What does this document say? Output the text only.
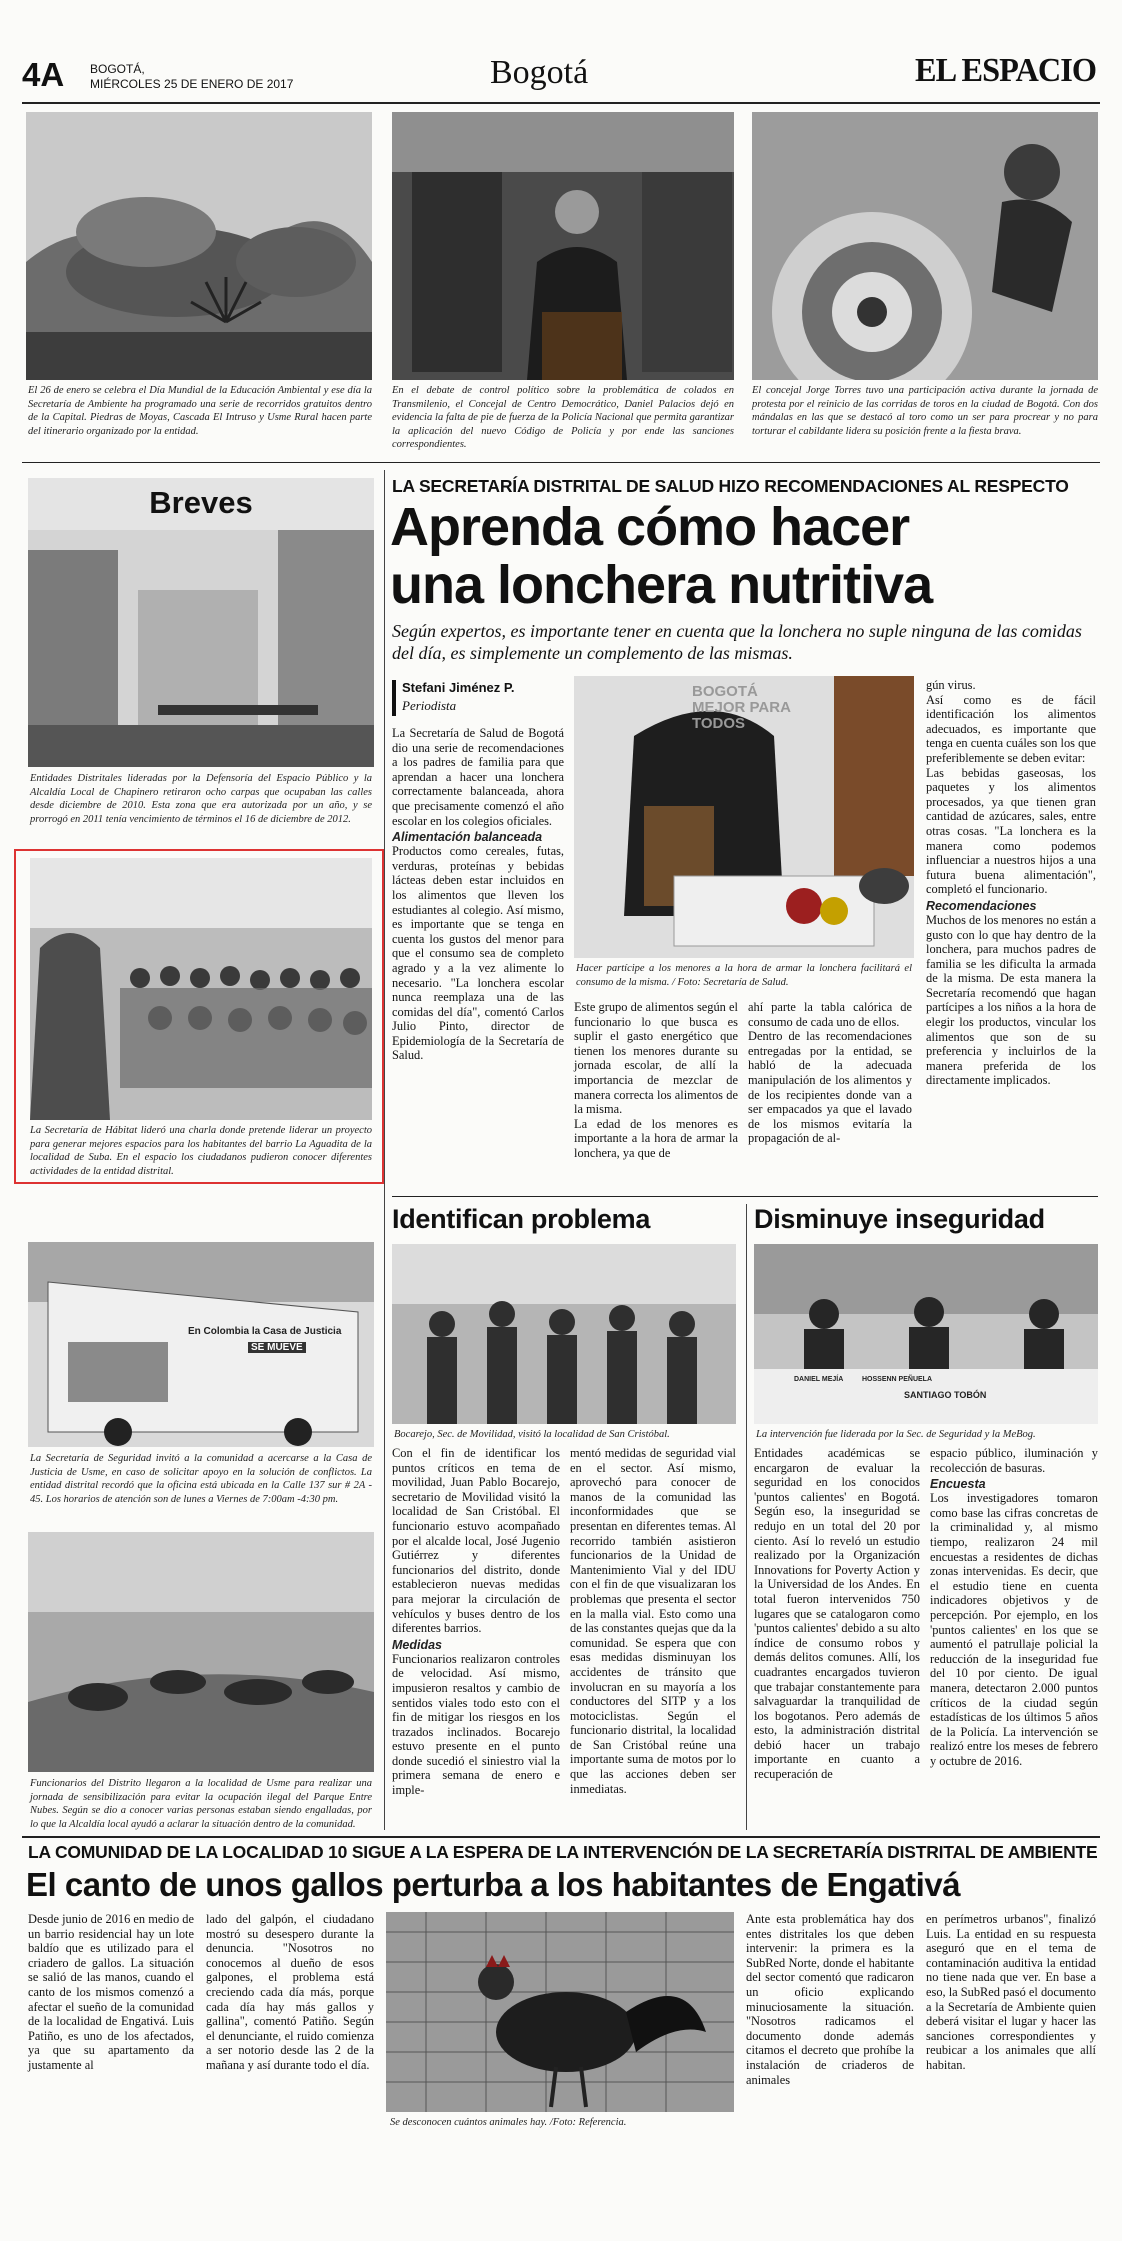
4A BOGOTÁ,
MIÉRCOLES 25 DE ENERO DE 2017	Bogotá	EL ESPACIO
El 26 de enero se celebra el Día Mundial de la Educación Ambiental y ese día la Secretaría de Ambiente ha programado una serie de recorridos gratuitos dentro de la Capital. Piedras de Moyas, Cascada El Intruso y Usme Rural hacen parte del itinerario organizado por la entidad.
En el debate de control político sobre la problemática de colados en Transmilenio, el Concejal de Centro Democrático, Daniel Palacios dejó en evidencia la falta de pie de fuerza de la Policía Nacional que permita garantizar la aplicación del nuevo Código de Policía y por ende las sanciones correspondientes.
El concejal Jorge Torres tuvo una participación activa durante la jornada de protesta por el reinicio de las corridas de toros en la ciudad de Bogotá. Con dos mándalas en las que se destacó al toro como un ser para procrear y no para torturar el cabildante lidera su posición frente a la fiesta brava.
Breves
Entidades Distritales lideradas por la Defensoría del Espacio Público y la Alcaldía Local de Chapinero retiraron ocho carpas que ocupaban las calles desde diciembre de 2010. Esta zona que era autorizada por un año, y se prorrogó en 2011 tenía vencimiento de términos el 16 de diciembre de 2012.
La Secretaría de Hábitat lideró una charla donde pretende liderar un proyecto para generar mejores espacios para los habitantes del barrio La Aguadita de la localidad de Suba. En el espacio los ciudadanos pudieron conocer diferentes actividades de la entidad distrital.
En Colombia la Casa de Justicia
SE MUEVE
La Secretaría de Seguridad invitó a la comunidad a acercarse a la Casa de Justicia de Usme, en caso de solicitar apoyo en la solución de conflictos. La entidad distrital recordó que la oficina está ubicada en la Calle 137 sur # 2A - 45. Los horarios de atención son de lunes a Viernes de 7:00am -4:30 pm.
Funcionarios del Distrito llegaron a la localidad de Usme para realizar una jornada de sensibilización para evitar la ocupación ilegal del Parque Entre Nubes. Según se dio a conocer varias personas estaban siendo engalladas, por lo que la Alcaldía local ayudó a aclarar la situación dentro de la comunidad.
LA SECRETARÍA DISTRITAL DE SALUD HIZO RECOMENDACIONES AL RESPECTO
Aprenda cómo hacer
una lonchera nutritiva
Según expertos, es importante tener en cuenta que la lonchera no suple ninguna de las comidas del día, es simplemente un complemento de las mismas.
Stefani Jiménez P.
Periodista

La Secretaría de Salud de Bogotá dio una serie de recomendaciones a los padres de familia para que aprendan a hacer una lonchera correctamente balanceada, ahora que precisamente comenzó el año escolar en los colegios oficiales.

Alimentación balanceada

Productos como cereales, futas, verduras, proteínas y bebidas lácteas deben estar incluidos en los alimentos que lleven los estudiantes al colegio. Así mismo, es importante que se tenga en cuenta los gustos del menor para que el consumo sea de completo agrado y a la vez alimente lo necesario. "La lonchera escolar nunca reemplaza una de las comidas del día", comentó Carlos Julio Pinto, director de Epidemiología de la Secretaría de Salud.

BOGOTÁ MEJOR PARA TODOS
Hacer partícipe a los menores a la hora de armar la lonchera facilitará el consumo de la misma. / Foto: Secretaría de Salud.

Este grupo de alimentos según el funcionario lo que busca es suplir el gasto energético que tienen los menores durante su jornada escolar, de allí la importancia de mezclar de manera correcta los alimentos de la misma.

La edad de los menores es importante a la hora de armar la lonchera, ya que de

ahí parte la tabla calórica de consumo de cada uno de ellos.

Dentro de las recomendaciones entregadas por la entidad, se habló de la adecuada manipulación de los alimentos y de los recipientes donde van a ser empacados ya que el lavado de los mismos evitaría la propagación de al-

gún virus.

Así como es de fácil identificación los alimentos adecuados, es importante que tenga en cuenta cuáles son los que preferiblemente se deben evitar:

Las bebidas gaseosas, los paquetes y los alimentos procesados, ya que tienen gran cantidad de azúcares, sales, entre otras cosas. "La lonchera es la manera como podemos influenciar a nuestros hijos a una futura buena alimentación", completó el funcionario.

Recomendaciones

Muchos de los menores no están a gusto con lo que hay dentro de la lonchera, para muchos padres de familia se les dificulta la armada de la misma. De esta manera la Secretaría recomendó que hagan partícipes a los niños a la hora de elegir los productos, vincular los alimentos que son de su preferencia y incluirlos de la manera preferida de los directamente implicados.

Identifican problema
Bocarejo, Sec. de Movilidad, visitó la localidad de San Cristóbal.

Con el fin de identificar los puntos críticos en tema de movilidad, Juan Pablo Bocarejo, secretario de Movilidad visitó la localidad de San Cristóbal. El funcionario estuvo acompañado por el alcalde local, José Jugenio Gutiérrez y diferentes funcionarios del distrito, donde establecieron nuevas medidas para mejorar la circulación de vehículos y buses dentro de los diferentes barrios.

Medidas

Funcionarios realizaron controles de velocidad. Así mismo, impusieron resaltos y cambio de sentidos viales todo esto con el fin de mitigar los riesgos en los trazados inclinados. Bocarejo estuvo presente en el punto donde sucedió el siniestro vial la primera semana de enero e imple-

mentó medidas de seguridad vial en el sector. Así mismo, aprovechó para conocer de manos de la comunidad las inconformidades que se presentan en diferentes temas. Al recorrido también asistieron funcionarios de la Unidad de Mantenimiento Vial y del IDU con el fin de que visualizaran los problemas que presenta el sector en la malla vial. Esto como una de las constantes quejas que da la comunidad. Se espera que con esas medidas disminuyan los accidentes de tránsito que involucran en su mayoría a los conductores del SITP y a los motociclistas. Según el funcionario distrital, la localidad de San Cristóbal reúne una importante suma de motos por lo que las acciones deben ser inmediatas.

Disminuye inseguridad
DANIEL MEJÍA	HOSSENN PEÑUELA
SANTIAGO TOBÓN
La intervención fue liderada por la Sec. de Seguridad y la MeBog.

Entidades académicas se encargaron de evaluar la seguridad en los conocidos 'puntos calientes' en Bogotá. Según eso, la inseguridad se redujo en un total del 20 por ciento. Así lo reveló un estudio realizado por la Organización Innovations for Poverty Action y la Universidad de los Andes. En total fueron intervenidos 750 lugares que se catalogaron como 'puntos calientes' debido a su alto índice de consumo robos y demás delitos comunes. Allí, los cuadrantes encargados tuvieron que trabajar constantemente para salvaguardar la tranquilidad de los bogotanos. Pero además de esto, la administración distrital debió hacer un trabajo importante en cuanto a recuperación de

espacio público, iluminación y recolección de basuras.

Encuesta

Los investigadores tomaron como base las cifras concretas de la criminalidad y, al mismo tiempo, realizaron 24 mil encuestas a residentes de dichas zonas intervenidas. Es decir, que el estudio tiene en cuenta indicadores objetivos y de percepción. Por ejemplo, en los 'puntos calientes' en los que se aumentó el patrullaje policial la reducción de la inseguridad fue del 10 por ciento. De igual manera, detectaron 2.000 puntos críticos de la ciudad según estadísticas de los últimos 5 años de la Policía. La intervención se realizó entre los meses de febrero y octubre de 2016.

LA COMUNIDAD DE LA LOCALIDAD 10 SIGUE A LA ESPERA DE LA INTERVENCIÓN DE LA SECRETARÍA DISTRITAL DE AMBIENTE
El canto de unos gallos perturba a los habitantes de Engativá

Desde junio de 2016 en medio de un barrio residencial hay un lote baldío que es utilizado para el criadero de gallos. La situación se salió de las manos, cuando el canto de los mismos comenzó a afectar el sueño de la comunidad de la localidad de Engativá. Luis Patiño, es uno de los afectados, ya que su apartamento da justamente al

lado del galpón, el ciudadano mostró su desespero durante la denuncia. "Nosotros no conocemos al dueño de esos galpones, el problema está creciendo cada día más, porque cada día hay más gallos y gallina", comentó Patiño. Según el denunciante, el ruido comienza a ser notorio desde las 2 de la mañana y así durante todo el día.

Se desconocen cuántos animales hay. /Foto: Referencia.

Ante esta problemática hay dos entes distritales los que deben intervenir: la primera es la SubRed Norte, donde el habitante del sector comentó que radicaron un oficio explicando minuciosamente la situación. "Nosotros radicamos el documento donde además citamos el decreto que prohíbe la instalación de criaderos de animales

en perímetros urbanos", finalizó Luis. La entidad en su respuesta aseguró que en el tema de contaminación auditiva la entidad no tiene nada que ver. En base a eso, la SubRed pasó el documento a la Secretaría de Ambiente quien deberá visitar el lugar y hacer las sanciones correspondientes y reubicar a los animales que allí habitan.
